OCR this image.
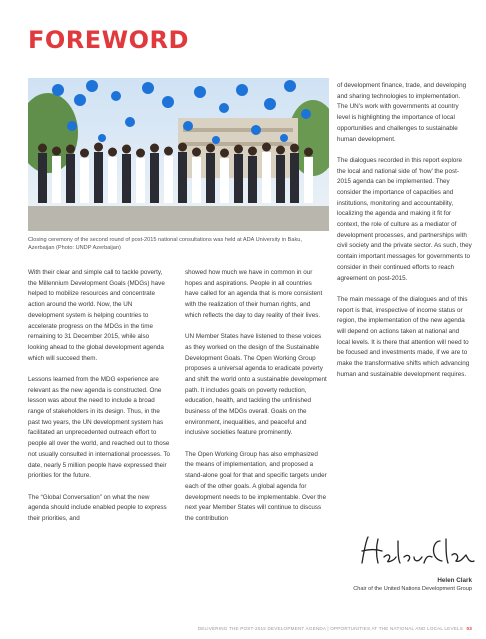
FOREWORD
Closing ceremony of the second round of post-2015 national consultations was held at ADA University in Baku, Azerbaijan (Photo: UNDP Azerbaijan)

With their clear and simple call to tackle poverty, the Millennium Development Goals (MDGs) have helped to mobilize resources and concentrate action around the world. Now, the UN development system is helping countries to accelerate progress on the MDGs in the time remaining to 31 December 2015, while also looking ahead to the global development agenda which will succeed them.

Lessons learned from the MDG experience are relevant as the new agenda is constructed. One lesson was about the need to include a broad range of stakeholders in its design. Thus, in the past two years, the UN development system has facilitated an unprecedented outreach effort to people all over the world, and reached out to those not usually consulted in international processes. To date, nearly 5 million people have expressed their priorities for the future.

The “Global Conversation” on what the new agenda should include enabled people to express their priorities, and

showed how much we have in common in our hopes and aspirations. People in all countries have called for an agenda that is more consistent with the realization of their human rights, and which reflects the day to day reality of their lives.

UN Member States have listened to these voices as they worked on the design of the Sustainable Development Goals. The Open Working Group proposes a universal agenda to eradicate poverty and shift the world onto a sustainable development path. It includes goals on poverty reduction, education, health, and tackling the unfinished business of the MDGs overall. Goals on the environment, inequalities, and peaceful and inclusive societies feature prominently.

The Open Working Group has also emphasized the means of implementation, and proposed a stand-alone goal for that and specific targets under each of the other goals. A global agenda for development needs to be implementable. Over the next year Member States will continue to discuss the contribution

of development finance, trade, and developing and sharing technologies to implementation. The UN’s work with governments at country level is highlighting the importance of local opportunities and challenges to sustainable human development.

The dialogues recorded in this report explore the local and national side of ‘how’ the post-2015 agenda can be implemented. They consider the importance of capacities and institutions, monitoring and accountability, localizing the agenda and making it fit for context, the role of culture as a mediator of development processes, and partnerships with civil society and the private sector. As such, they contain important messages for governments to consider in their continued efforts to reach agreement on post-2015.

The main message of the dialogues and of this report is that, irrespective of income status or region, the implementation of the new agenda will depend on actions taken at national and local levels. It is there that attention will need to be focused and investments made, if we are to make the transformative shifts which advancing human and sustainable development requires.

Helen Clark
Chair of the United Nations Development Group
DELIVERING THE POST-2015 DEVELOPMENT AGENDA | OPPORTUNITIES AT THE NATIONAL AND LOCAL LEVELS 03
